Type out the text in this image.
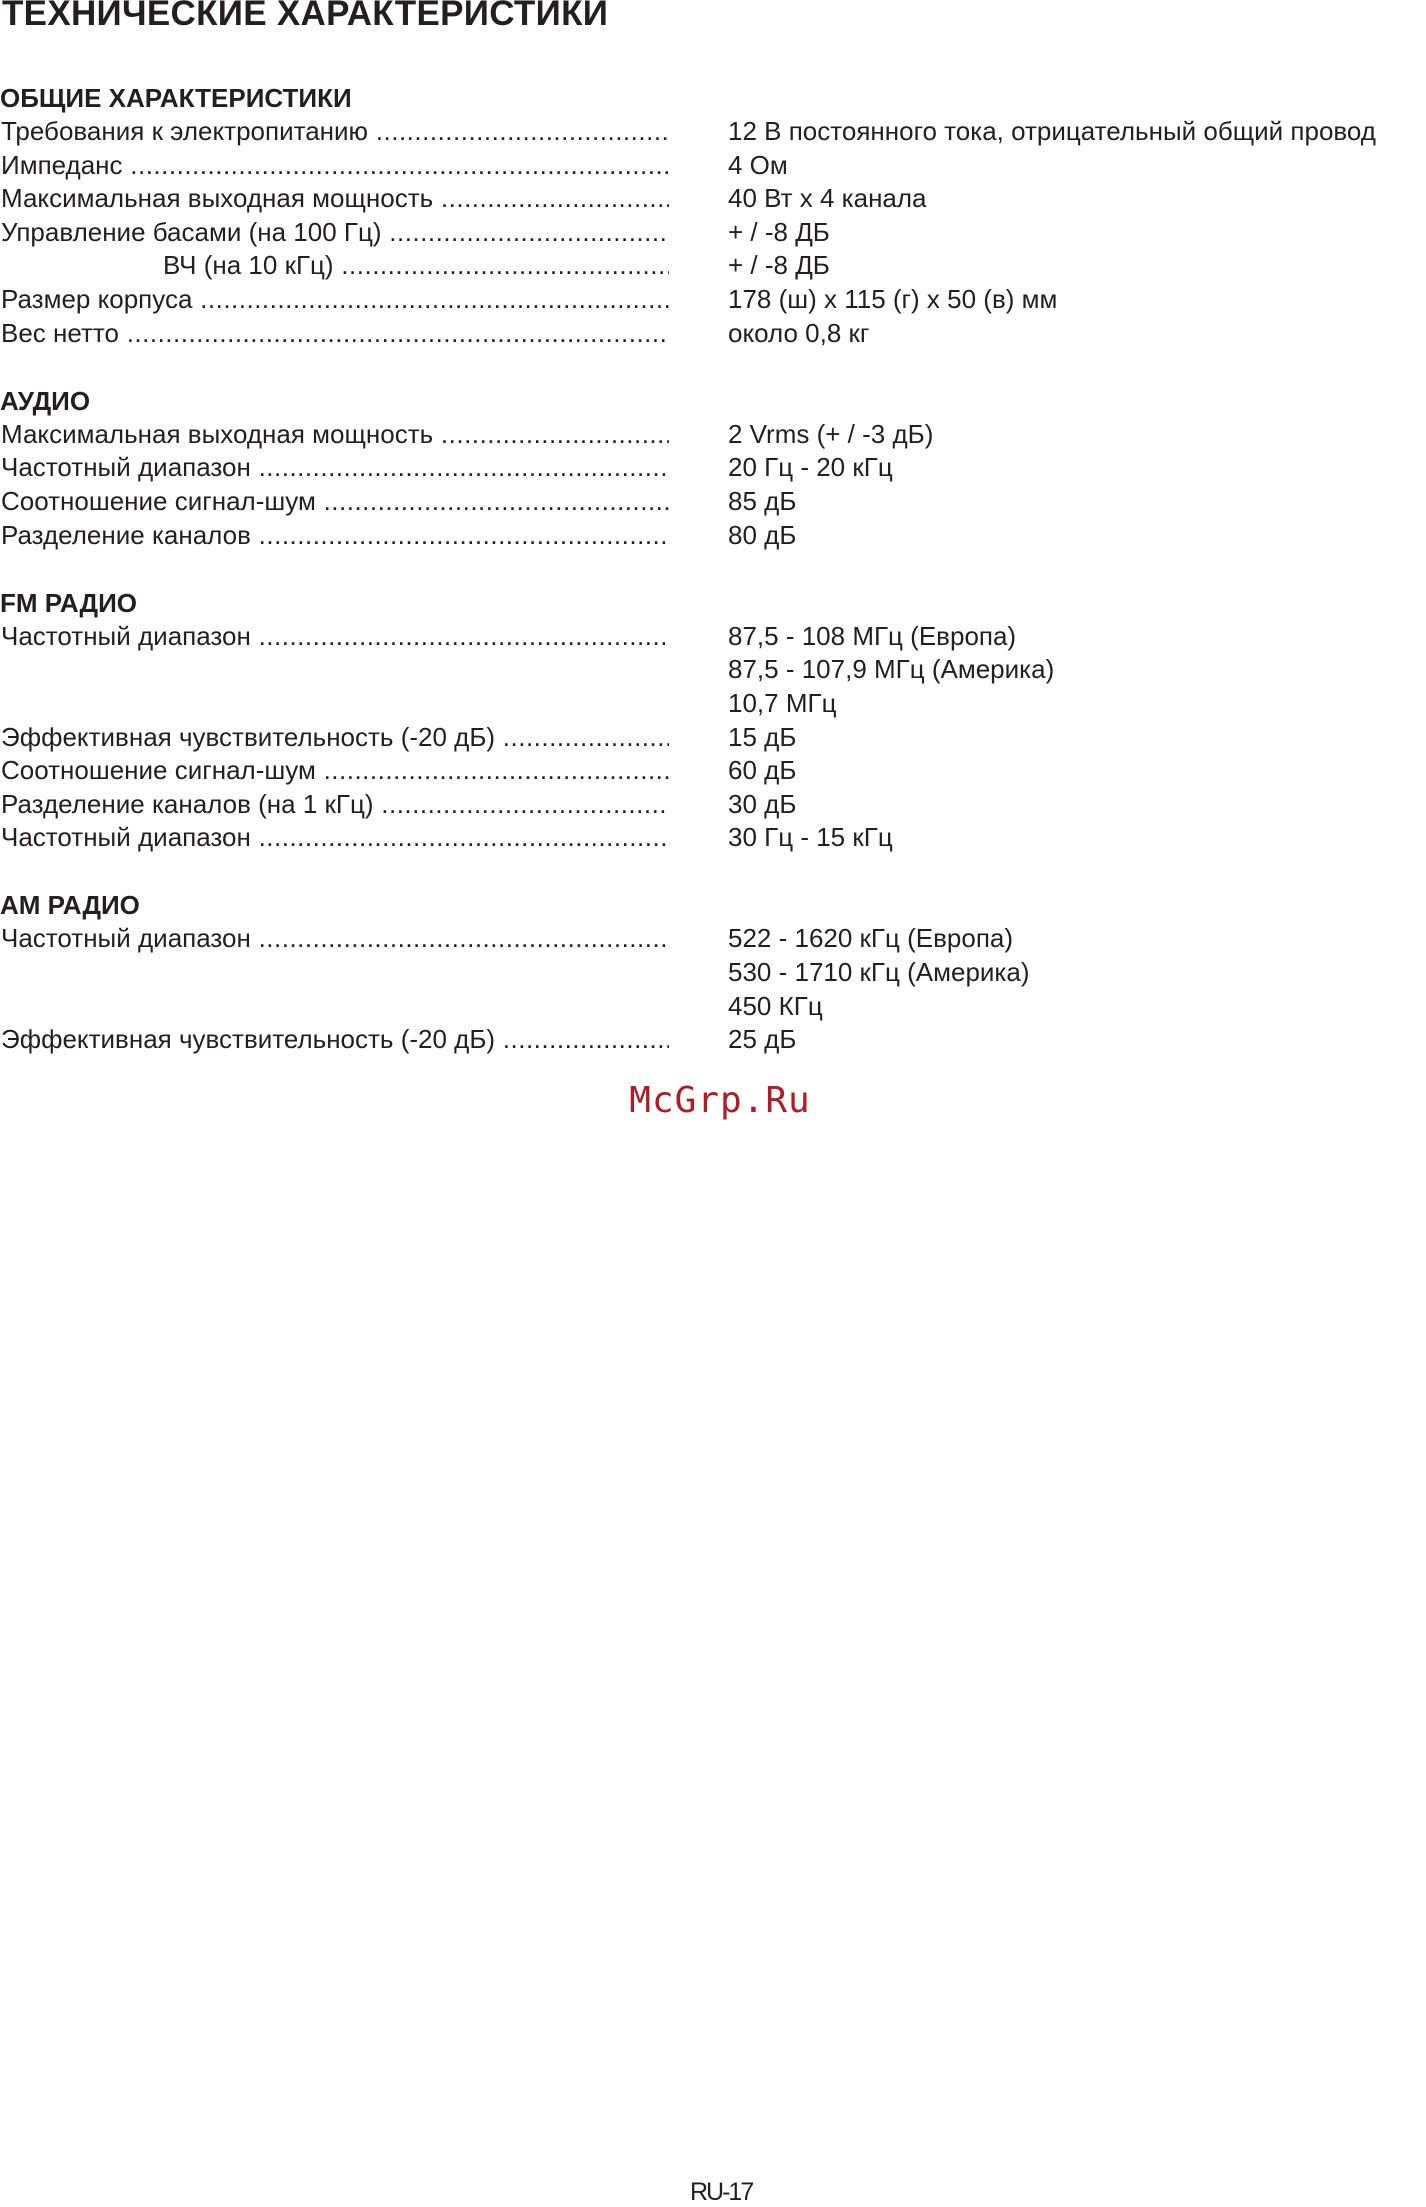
ТЕХНИЧЕСКИЕ ХАРАКТЕРИСТИКИ
ОБЩИЕ ХАРАКТЕРИСТИКИ
Требования к электропитанию .....	12 В постоянного тока, отрицательный общий провод
Импеданс .....	4 Ом
Максимальная выходная мощность .....	40 Вт х 4 канала
Управление басами (на 100 Гц) .....	+ / -8 ДБ
ВЧ (на 10 кГц) .....	+ / -8 ДБ
Размер корпуса .....	178 (ш) х 115 (г) х 50 (в) мм
Вес нетто .....	около 0,8 кг
АУДИО
Максимальная выходная мощность .....	2 Vrms (+ / -3 дБ)
Частотный диапазон .....	20 Гц - 20 кГц
Соотношение сигнал-шум .....	85 дБ
Разделение каналов .....	80 дБ
FM РАДИО
Частотный диапазон .....	87,5 - 108 МГц (Европа)
87,5 - 107,9 МГц (Америка)
10,7 МГц
Эффективная чувствительность (-20 дБ) .....	15 дБ
Соотношение сигнал-шум .....	60 дБ
Разделение каналов (на 1 кГц) .....	30 дБ
Частотный диапазон .....	30 Гц - 15 кГц
АМ РАДИО
Частотный диапазон .....	522 - 1620 кГц (Европа)
530 - 1710 кГц (Америка)
450 КГц
Эффективная чувствительность (-20 дБ) .....	25 дБ
McGrp.Ru
RU-17
